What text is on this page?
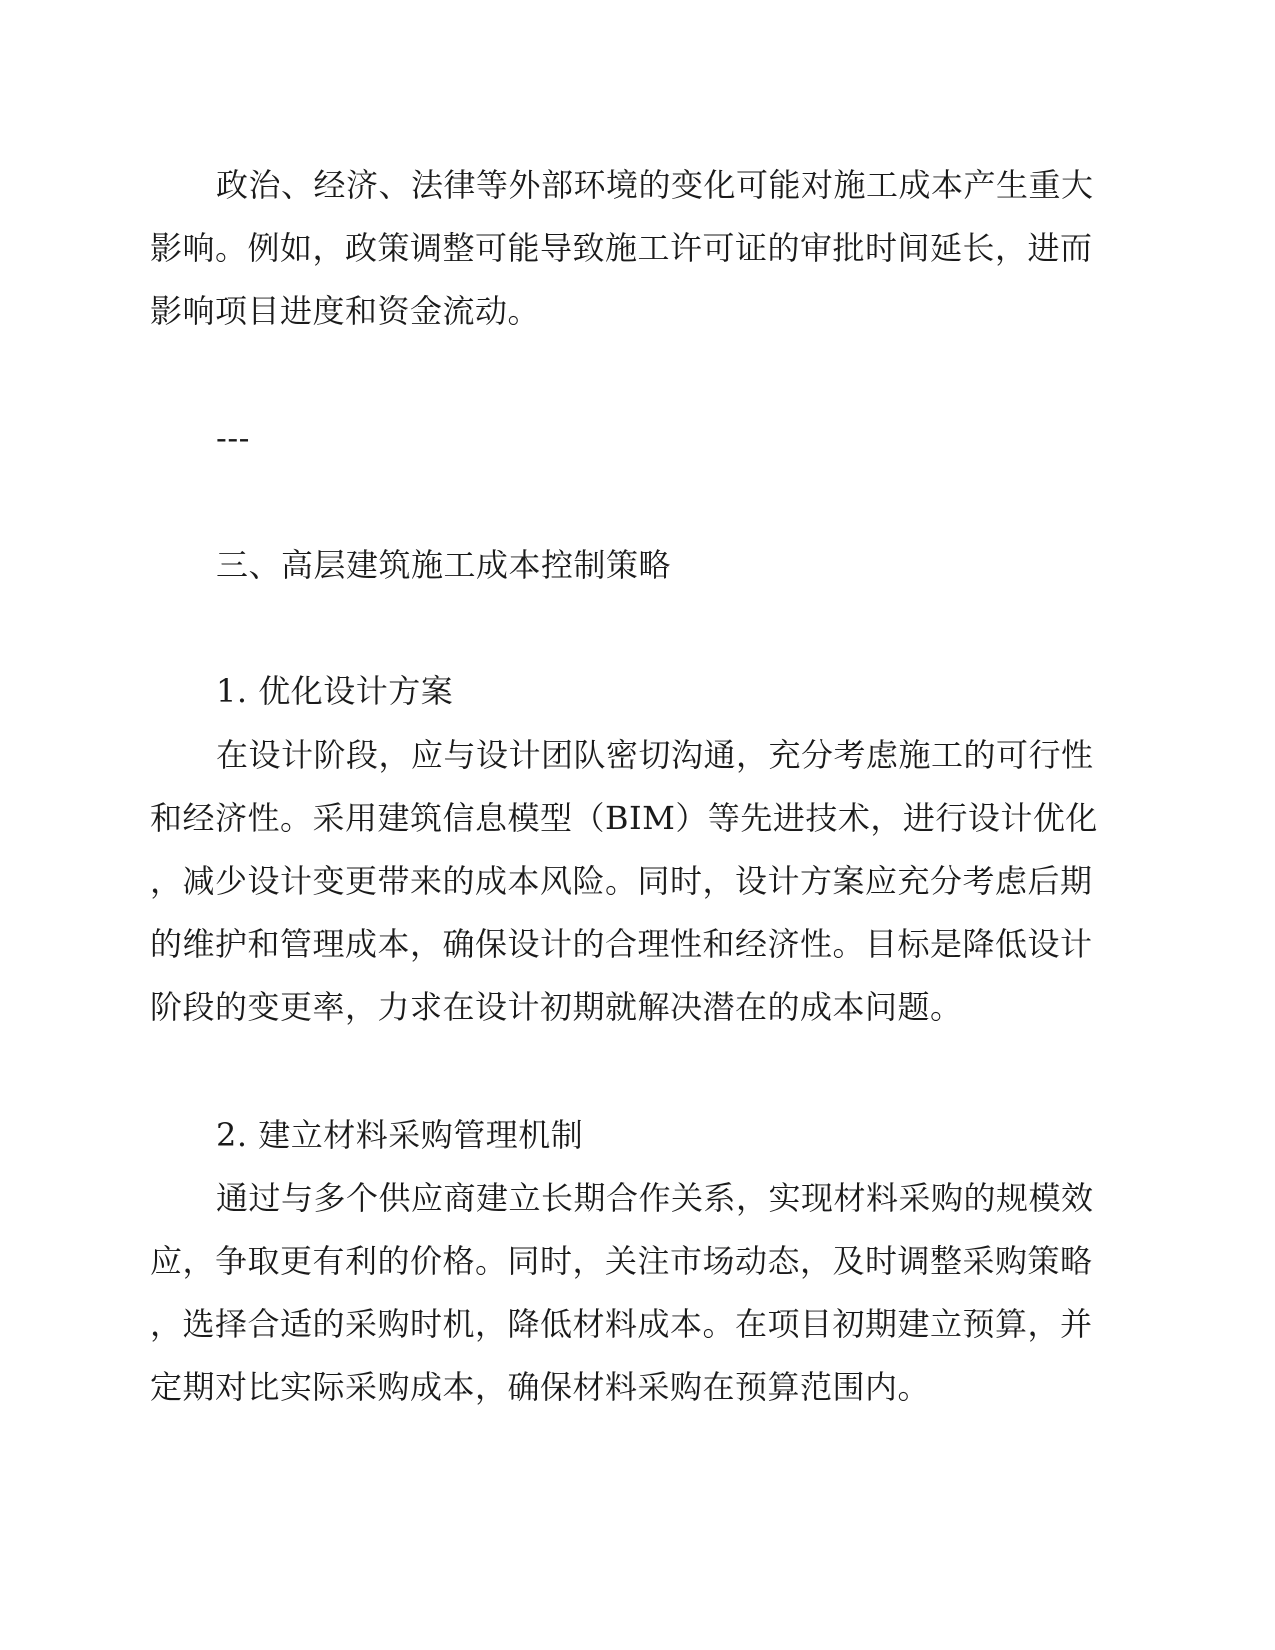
政治、经济、法律等外部环境的变化可能对施工成本产生重大
影响。例如，政策调整可能导致施工许可证的审批时间延长，进而
影响项目进度和资金流动。
---
三、高层建筑施工成本控制策略
1. 优化设计方案
在设计阶段，应与设计团队密切沟通，充分考虑施工的可行性
和经济性。采用建筑信息模型（BIM）等先进技术，进行设计优化
，减少设计变更带来的成本风险。同时，设计方案应充分考虑后期
的维护和管理成本，确保设计的合理性和经济性。目标是降低设计
阶段的变更率，力求在设计初期就解决潜在的成本问题。
2. 建立材料采购管理机制
通过与多个供应商建立长期合作关系，实现材料采购的规模效
应，争取更有利的价格。同时，关注市场动态，及时调整采购策略
，选择合适的采购时机，降低材料成本。在项目初期建立预算，并
定期对比实际采购成本，确保材料采购在预算范围内。
